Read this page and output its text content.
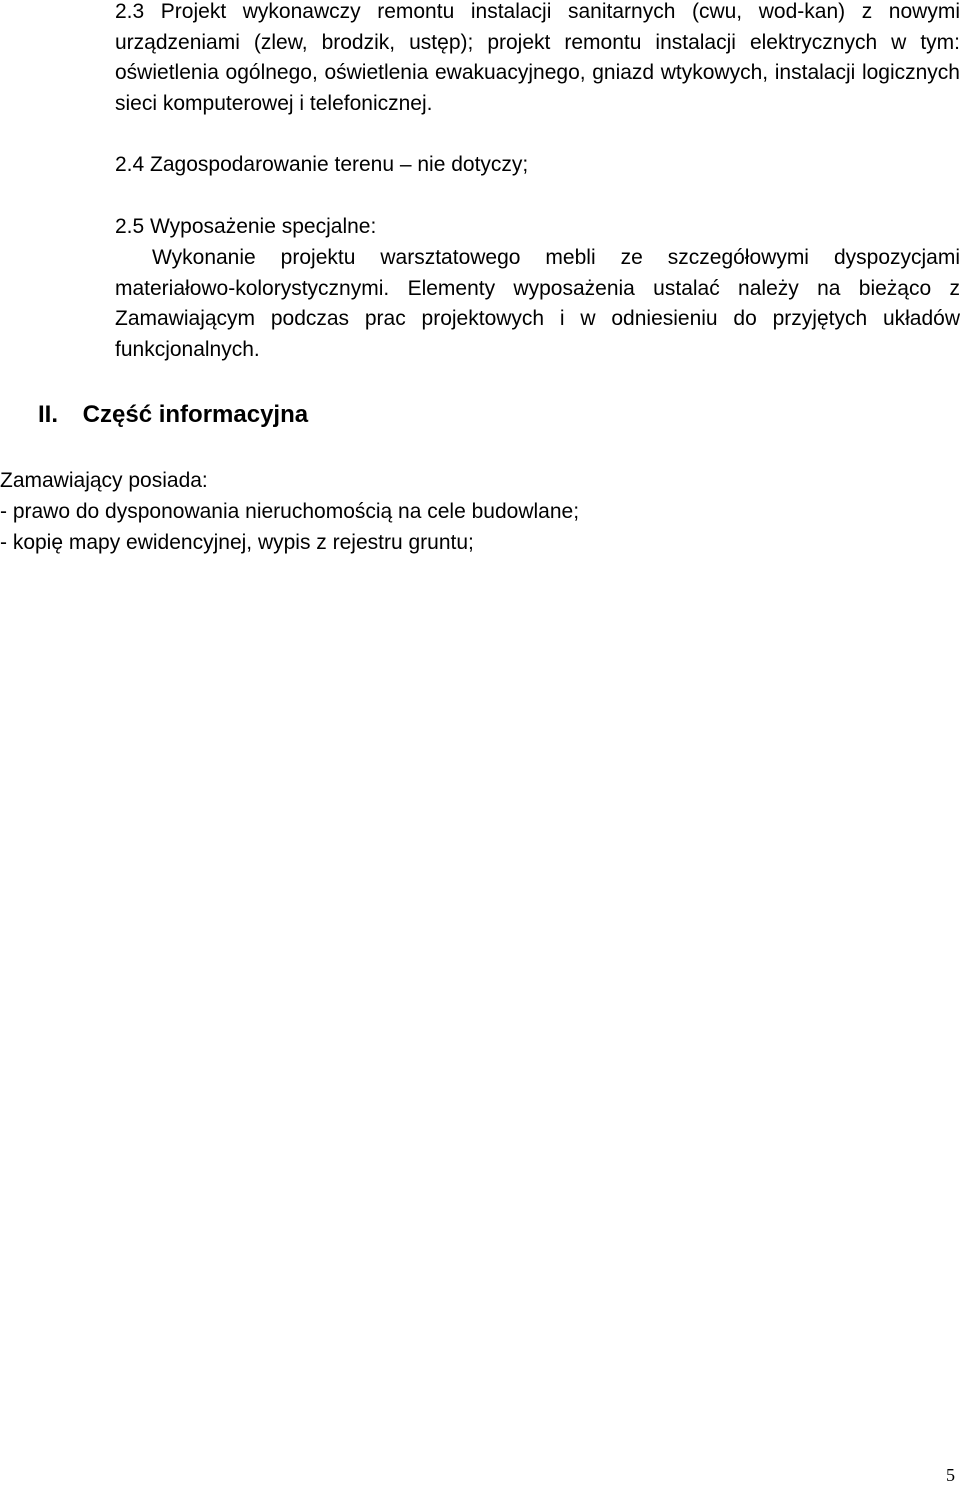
2.3 Projekt wykonawczy remontu instalacji sanitarnych (cwu, wod-kan) z nowymi urządzeniami (zlew, brodzik, ustęp); projekt remontu instalacji elektrycznych w tym: oświetlenia ogólnego, oświetlenia ewakuacyjnego, gniazd wtykowych, instalacji logicznych sieci komputerowej i telefonicznej.

2.4 Zagospodarowanie terenu – nie dotyczy;

2.5 Wyposażenie specjalne:

Wykonanie projektu warsztatowego mebli ze szczegółowymi dyspozycjami materiałowo-kolorystycznymi. Elementy wyposażenia ustalać należy na bieżąco z Zamawiającym podczas prac projektowych i w odniesieniu do przyjętych układów funkcjonalnych.

II. Część informacyjna
Zamawiający posiada:
- prawo do dysponowania nieruchomością na cele budowlane;
- kopię mapy ewidencyjnej, wypis z rejestru gruntu;
5
